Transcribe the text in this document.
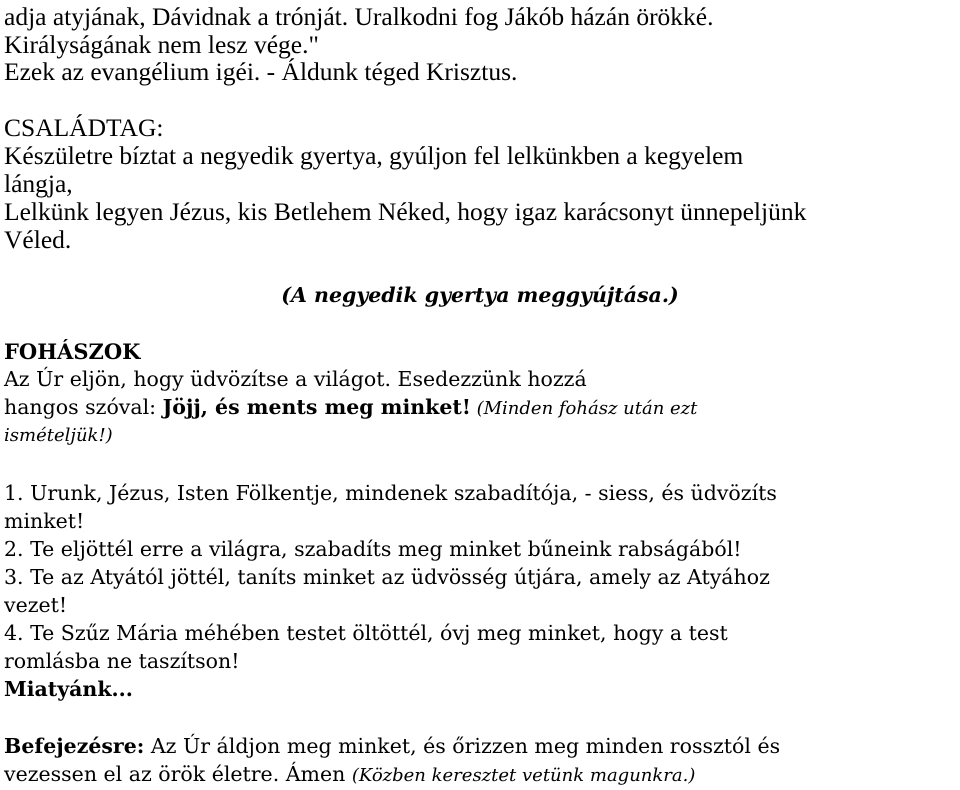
adja atyjának, Dávidnak a trónját. Uralkodni fog Jákób házán örökké.
Királyságának nem lesz vége."
Ezek az evangélium igéi. - Áldunk téged Krisztus.
CSALÁDTAG:
Készületre bíztat a negyedik gyertya, gyúljon fel lelkünkben a kegyelem
lángja,
Lelkünk legyen Jézus, kis Betlehem Néked, hogy igaz karácsonyt ünnepeljünk
Véled.
(A negyedik gyertya meggyújtása.)
FOHÁSZOK
Az Úr eljön, hogy üdvözítse a világot. Esedezzünk hozzá
hangos szóval: Jöjj, és ments meg minket! (Minden fohász után ezt
ismételjük!)
1. Urunk, Jézus, Isten Fölkentje, mindenek szabadítója, - siess, és üdvözíts
minket!
2. Te eljöttél erre a világra, szabadíts meg minket bűneink rabságából!
3. Te az Atyától jöttél, taníts minket az üdvösség útjára, amely az Atyához
vezet!
4. Te Szűz Mária méhében testet öltöttél, óvj meg minket, hogy a test
romlásba ne taszítson!
Miatyánk...
Befejezésre: Az Úr áldjon meg minket, és őrizzen meg minden rossztól és
vezessen el az örök életre. Ámen (Közben keresztet vetünk magunkra.)
